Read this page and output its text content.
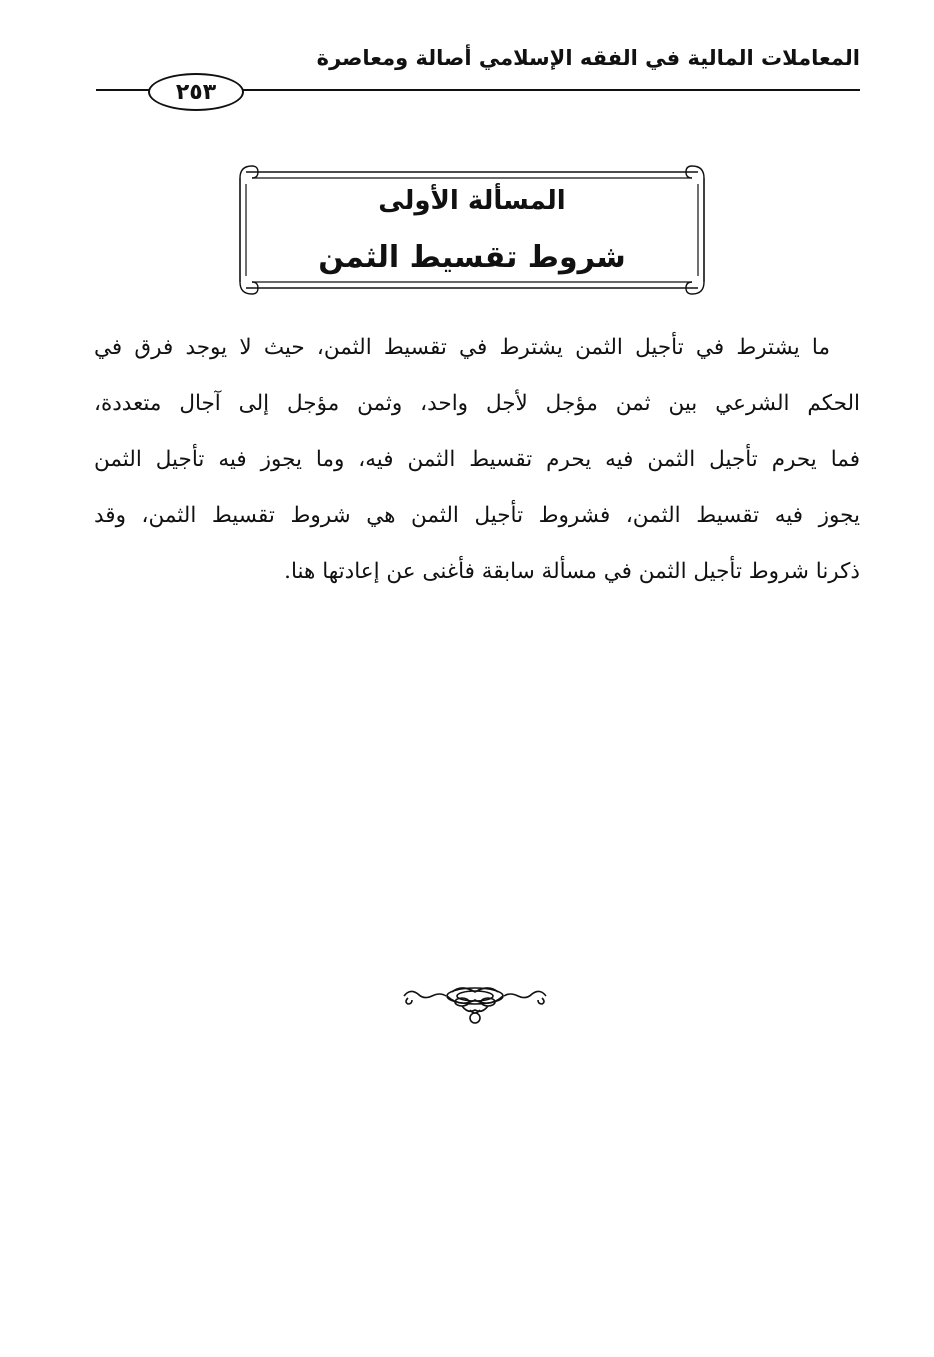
المعاملات المالية في الفقه الإسلامي أصالة ومعاصرة
٢٥٣
المسألة الأولى
شروط تقسيط الثمن
ما يشترط في تأجيل الثمن يشترط في تقسيط الثمن، حيث لا يوجد فرق في
الحكم الشرعي بين ثمن مؤجل لأجل واحد، وثمن مؤجل إلى آجال متعددة،
فما يحرم تأجيل الثمن فيه يحرم تقسيط الثمن فيه، وما يجوز فيه تأجيل الثمن
يجوز فيه تقسيط الثمن، فشروط تأجيل الثمن هي شروط تقسيط الثمن، وقد
ذكرنا شروط تأجيل الثمن في مسألة سابقة فأغنى عن إعادتها هنا.
